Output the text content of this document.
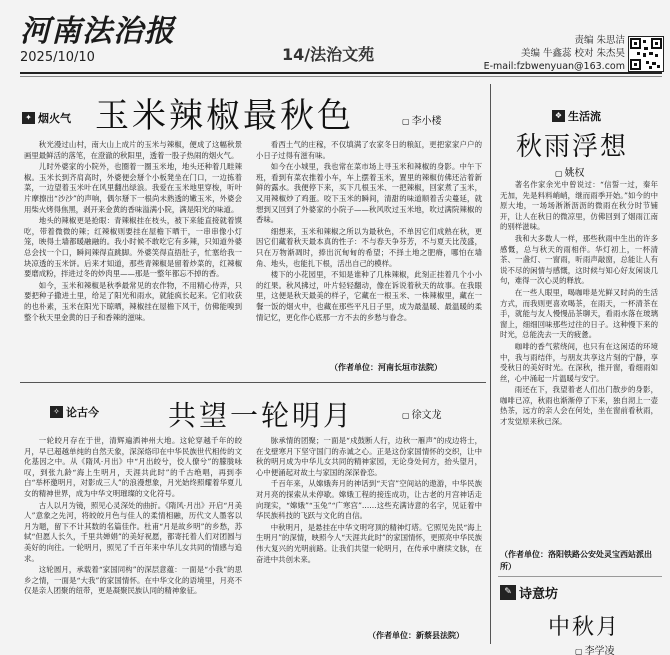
河南法治报
2025/10/10	14/法治文苑
责编 朱思洁
美编 牛鑫蕊 校对 朱杰昊
E-mail:fzbwenyuan@163.com
✦ 烟火气 玉米辣椒最秋色	▢ 李小楼

秋光漫过山村，南大山上成片的玉米与辣椒，便成了这幅秋景画里最鲜活的落笔，在澄澈的秋阳里，透着一股子热闹的烟火气。

儿时外婆家的小院外，也圈着一圈玉米地，地头还种着几畦辣椒。玉米长到齐肩高时，外婆便会掰个小板凳坐在门口，一边拣着菜，一边望着玉米叶在风里翻出绿浪。我爱在玉米地里穿梭，听叶片摩擦出“沙沙”的声响，偶尔掰下一根尚未熟透的嫩玉米，外婆会用柴火烤得焦黑，剥开来金黄的香味溢满小院，满是阳光的味道。

地头的辣椒更是抢眼：青辣椒挂在枝头，被下来能直接就着馍吃，带着微微的辣；红辣椒则要挂在屋檐下晒干，一串串像小灯笼，映得土墙都暖融融的。我小时候不敢吃它有多辣，只知道外婆总会找一个口，瞬间辣得直跳脚。外婆笑得直捂肚子，忙塞给我一块凉透的玉米饼。后来才知道，那些青辣椒是留着炒菜的，红辣椒要磨成粉，拌进过冬的炒肉里——那是一整年都忘不掉的香。

如今，玉米和辣椒是秋季最常见的农作物，不用精心侍弄，只要把种子撒进土里，给足了阳光和雨水，就能疯长起来。它们收获的也朴素，玉米在阳光下晾晒，辣椒挂在屋檐下风干，仿佛能嗅到整个秋天里金黄的日子和香辣的滋味。

看西土气的庄稼，不仅填满了农家冬日的粮缸，更把家家户户的小日子过得有滋有味。

如今在小城里，我也常在菜市场上寻玉米和辣椒的身影。中午下班，看到有菜农推着小车，车上摆着玉米，置里的辣椒仿佛还沾着新鲜的露水。我便停下来，买下几根玉米、一把辣椒，回家煮了玉米，又用辣椒炒了鸡蛋。咬下玉米的瞬间，清甜的味道顺着舌尖蔓延，就想到又回到了外婆家的小院子——秋风吹过玉米地，吹过满院辣椒的香味。

细想来，玉米和辣椒之所以为最秋色，不单因它们成熟在秋，更因它们藏着秋天最本真的性子：不与春天争芬芳，不与夏天比茂盛，只在万物渐凋时，捧出沉甸甸的希望；不择土地之肥瘠，哪怕在墙角、地头，也能扎下根，活出自己的模样。

楼下的小花园里，不知是谁种了几株辣椒，此刻正挂着几个小小的红果。秋风拂过，叶片轻轻翻动，像在诉说着秋天的故事。在我眼里，这便是秋天最美的样子，它藏在一根玉米、一株辣椒里，藏在一餐一饭的烟火中，也藏在那些平凡日子里，成为最温暖、最温暖的柔情记忆，更化作心底那一方不去的乡愁与眷念。

（作者单位：河南长垣市法院）
❖ 生活流
秋雨浮想
▢ 姚权

著名作家余光中曾说过：“信誓一过，秦年无加，先是料料峭峭，继而雨季开始。”如今的中原大地，一场场淅淅沥沥的微雨在秋分时节铺开，让人在秋日的微凉里，仿佛回到了烟雨江南的别样滋味。

我和大多数人一样，那些秋雨中生出的许多感慨，总与秋天的雨相伴。华灯初上，一杯清茶、一盏灯、一窗雨，听雨声敲窗，总能让人有说不尽的闲情与感慨，这时候与知心好友闲谈几句，难得一次心灵的释放。

在一些人眼里，喝咖啡是光鲜又时尚的生活方式，而我则更喜欢喝茶，在雨天，一杯清茶在手，就能与友人慢慢品茶聊天，看雨水落在玻璃窗上，细细回味那些过往的日子。这种慢下来的时光，总能洗去一天的疲惫。

咖啡的香气萦绕间，也只有在这闲适的环境中，我与雨结伴，与朋友共享这片刻的宁静，享受秋日的美好时光。在深秋，推开窗，看细雨如丝，心中涌起一片温暖与安宁。

雨还在下，我望着老人们出门散步的身影，咖啡已凉，秋雨也渐渐停了下来，独自沏上一壶热茶，远方的亲人会在何处，坐在窗前看秋雨，才发觉原来秋已深。

（作者单位：洛阳铁路公安处灵宝西站派出所）
✎ 诗意坊
中秋月
▢ 李学凌
✧ 论古今 共望一轮明月	▢ 徐文龙

一轮皎月存在于世，清辉遍洒神州大地。这轮穿越千年的皎月，早已超越单纯的自然天象，深深烙印在中华民族世代相传的文化基因之中。从《隋风·月出》中“月出皎兮，佼人僚兮”的朦胧咏叹，到张九龄“海上生明月，天涯共此时”的千古绝唱，再到李白“举杯邀明月，对影成三人”的浪漫想象，月光始终照耀着华夏儿女的精神世界，成为中华文明璀璨的文化符号。

古人以月为镜，照见心灵深处的曲折。《隋风·月出》开启“月美人”意象之先河，将皎皎月色与佳人的柔情相融，历代文人墨客以月为题，留下不计其数的名篇佳作。杜甫“月是故乡明”的乡愁，苏轼“但愿人长久，千里共婵娟”的美好祝愿，都寄托着人们对团圆与美好的向往。一轮明月，照见了千百年来中华儿女共同的情感与追求。

这轮圆月，承载着“家国同构”的深层意蕴：一面是“小我”的思乡之情，一面是“大我”的家国情怀。在中华文化的语境里，月亮不仅是亲人团聚的纽带，更是凝聚民族认同的精神象征。

脉承情的团聚；一面是“戍鼓断人行，边秋一雁声”的戍边将士，在戈壁寒月下坚守国门的赤诚之心。正是这份家国情怀的交织，让中秋的明月成为中华儿女共同的精神家园，无论身处何方，抬头望月，心中便涌起对故土与家国的深深眷恋。

千百年来，从嫦娥奔月的神话到“天宫”空间站的遨游，中华民族对月亮的探索从未停歇。嫦娥工程的接连成功，让古老的月宫神话走向现实，“嫦娥”“玉兔”“广寒宫”……这些充满诗意的名字，见证着中华民族科技的飞跃与文化的自信。

中秋明月，是悬挂在中华文明穹顶的精神灯塔。它照见先民“海上生明月”的深情，映照今人“天涯共此时”的家国情怀，更照亮中华民族伟大复兴的光明前路。让我们共望一轮明月，在传承中赓续文脉，在奋进中共创未来。

（作者单位：新蔡县法院）
